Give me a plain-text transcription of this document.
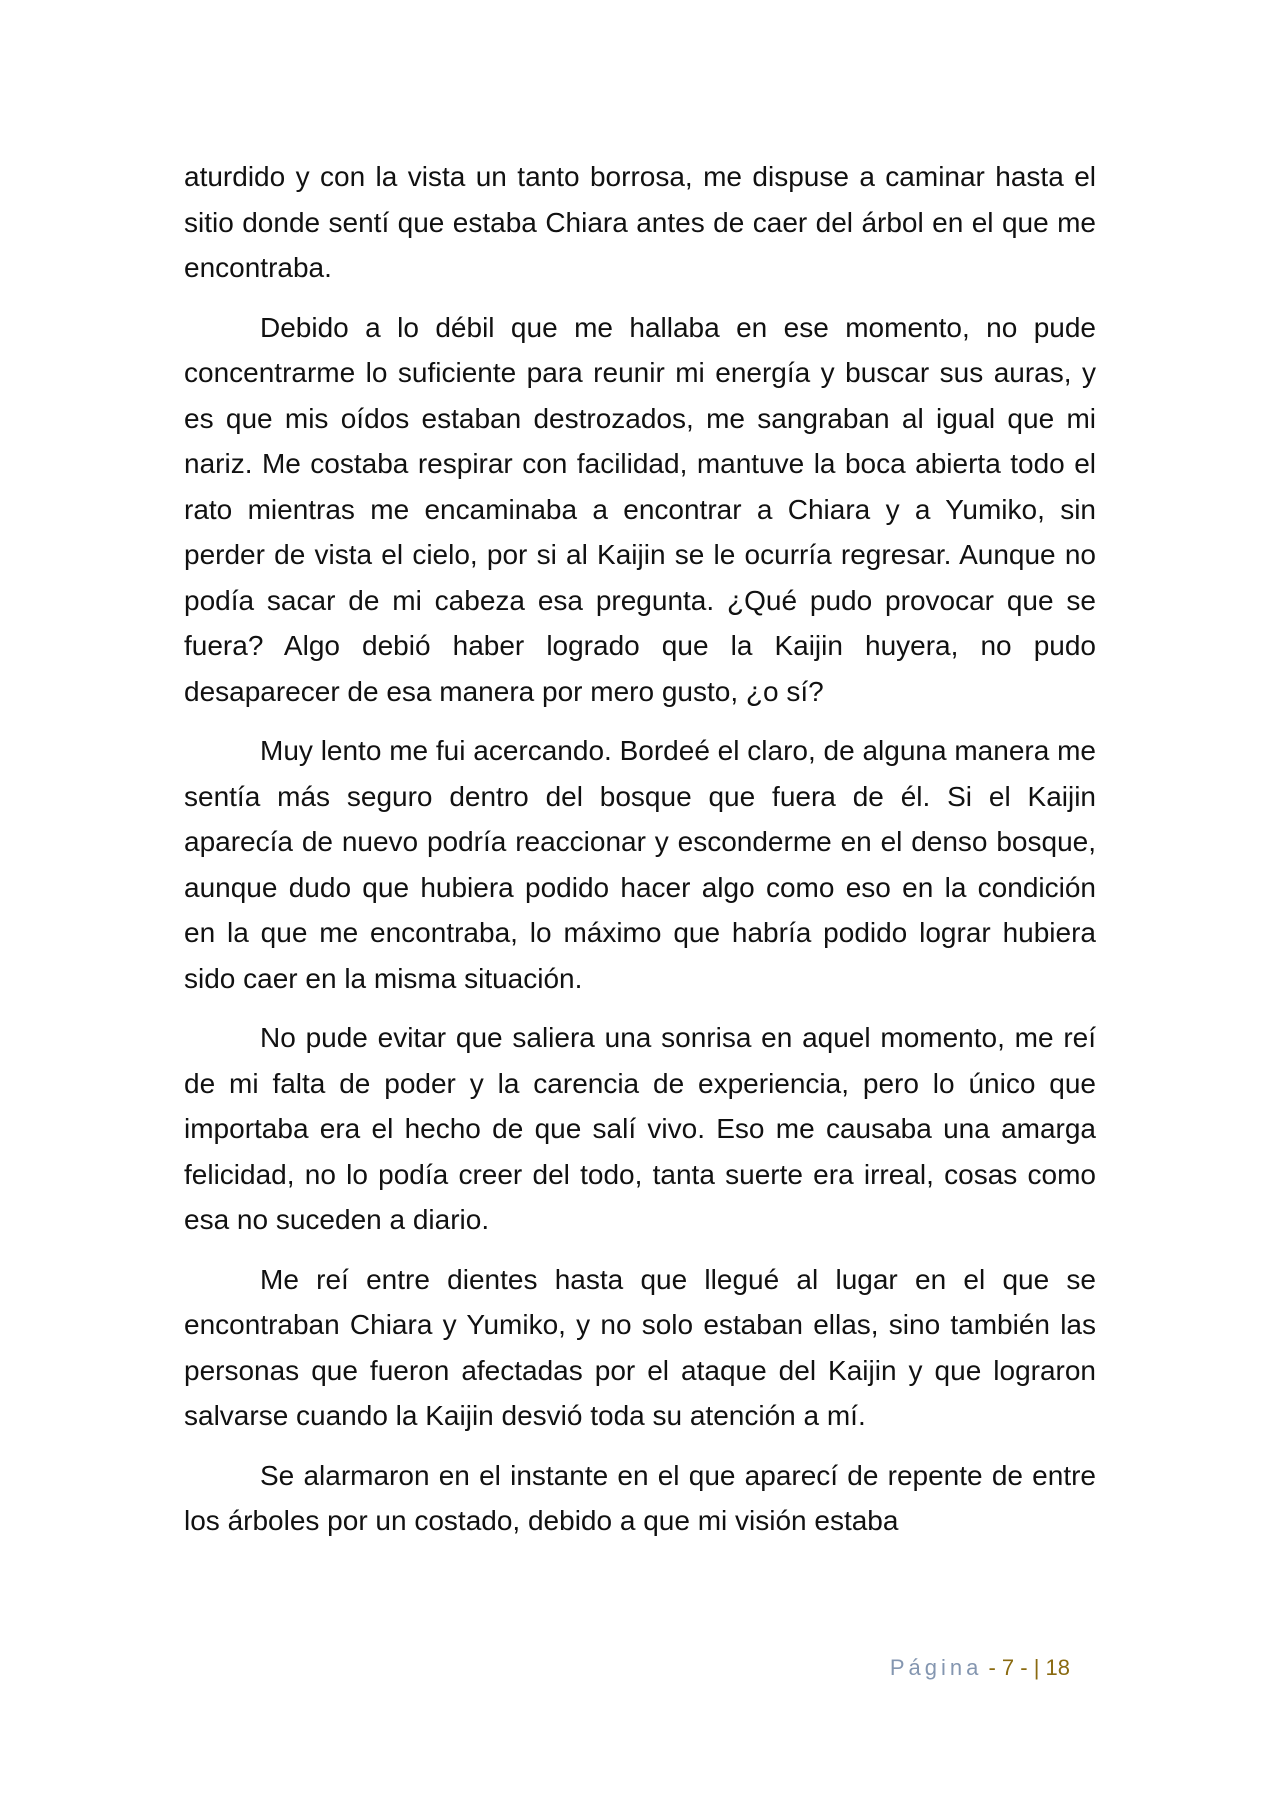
aturdido y con la vista un tanto borrosa, me dispuse a caminar hasta el sitio donde sentí que estaba Chiara antes de caer del árbol en el que me encontraba.

Debido a lo débil que me hallaba en ese momento, no pude concentrarme lo suficiente para reunir mi energía y buscar sus auras, y es que mis oídos estaban destrozados, me sangraban al igual que mi nariz. Me costaba respirar con facilidad, mantuve la boca abierta todo el rato mientras me encaminaba a encontrar a Chiara y a Yumiko, sin perder de vista el cielo, por si al Kaijin se le ocurría regresar. Aunque no podía sacar de mi cabeza esa pregunta. ¿Qué pudo provocar que se fuera? Algo debió haber logrado que la Kaijin huyera, no pudo desaparecer de esa manera por mero gusto, ¿o sí?

Muy lento me fui acercando. Bordeé el claro, de alguna manera me sentía más seguro dentro del bosque que fuera de él. Si el Kaijin aparecía de nuevo podría reaccionar y esconderme en el denso bosque, aunque dudo que hubiera podido hacer algo como eso en la condición en la que me encontraba, lo máximo que habría podido lograr hubiera sido caer en la misma situación.

No pude evitar que saliera una sonrisa en aquel momento, me reí de mi falta de poder y la carencia de experiencia, pero lo único que importaba era el hecho de que salí vivo. Eso me causaba una amarga felicidad, no lo podía creer del todo, tanta suerte era irreal, cosas como esa no suceden a diario.

Me reí entre dientes hasta que llegué al lugar en el que se encontraban Chiara y Yumiko, y no solo estaban ellas, sino también las personas que fueron afectadas por el ataque del Kaijin y que lograron salvarse cuando la Kaijin desvió toda su atención a mí.

Se alarmaron en el instante en el que aparecí de repente de entre los árboles por un costado, debido a que mi visión estaba

Página - 7 - | 18
